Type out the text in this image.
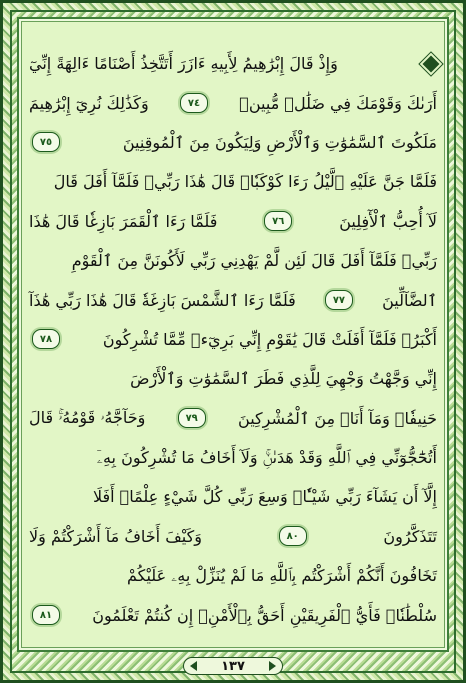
وَإِذْ قَالَ إِبْرَٰهِيمُ لِأَبِيهِ ءَازَرَ أَتَتَّخِذُ أَصْنَامًا ءَالِهَةً إِنِّيٓ
أَرَىٰكَ وَقَوْمَكَ فِي ضَلَٰلٖ مُّبِينٖ
٧٤
وَكَذَٰلِكَ نُرِيٓ إِبْرَٰهِيمَ
مَلَكُوتَ ٱلسَّمَٰوَٰتِ وَٱلْأَرْضِ وَلِيَكُونَ مِنَ ٱلْمُوقِنِينَ
٧٥
فَلَمَّا جَنَّ عَلَيْهِ ٱلَّيْلُ رَءَا كَوْكَبٗاۖ قَالَ هَٰذَا رَبِّيۖ فَلَمَّآ أَفَلَ قَالَ
لَآ أُحِبُّ ٱلْأٓفِلِينَ
٧٦
فَلَمَّا رَءَا ٱلْقَمَرَ بَازِغٗا قَالَ هَٰذَا
رَبِّيۖ فَلَمَّآ أَفَلَ قَالَ لَئِن لَّمْ يَهْدِنِي رَبِّي لَأَكُونَنَّ مِنَ ٱلْقَوْمِ
ٱلضَّآلِّينَ
٧٧
فَلَمَّا رَءَا ٱلشَّمْسَ بَازِغَةٗ قَالَ هَٰذَا رَبِّي هَٰذَآ
أَكْبَرُۖ فَلَمَّآ أَفَلَتْ قَالَ يَٰقَوْمِ إِنِّي بَرِيٓءٞ مِّمَّا تُشْرِكُونَ
٧٨
إِنِّي وَجَّهْتُ وَجْهِيَ لِلَّذِي فَطَرَ ٱلسَّمَٰوَٰتِ وَٱلْأَرْضَ
حَنِيفٗاۖ وَمَآ أَنَا۠ مِنَ ٱلْمُشْرِكِينَ
٧٩
وَحَآجَّهُۥ قَوْمُهُۥۚ قَالَ
أَتُحَٰٓجُّوٓنِّي فِي ٱللَّهِ وَقَدْ هَدَىٰنِۚ وَلَآ أَخَافُ مَا تُشْرِكُونَ بِهِۦٓ
إِلَّآ أَن يَشَآءَ رَبِّي شَيْـٔٗاۚ وَسِعَ رَبِّي كُلَّ شَيْءٍ عِلْمًاۚ أَفَلَا
تَتَذَكَّرُونَ
٨٠
وَكَيْفَ أَخَافُ مَآ أَشْرَكْتُمْ وَلَا
تَخَافُونَ أَنَّكُمْ أَشْرَكْتُم بِٱللَّهِ مَا لَمْ يُنَزِّلْ بِهِۦ عَلَيْكُمْ
سُلْطَٰنٗاۚ فَأَيُّ ٱلْفَرِيقَيْنِ أَحَقُّ بِٱلْأَمْنِۖ إِن كُنتُمْ تَعْلَمُونَ
٨١
١٣٧
